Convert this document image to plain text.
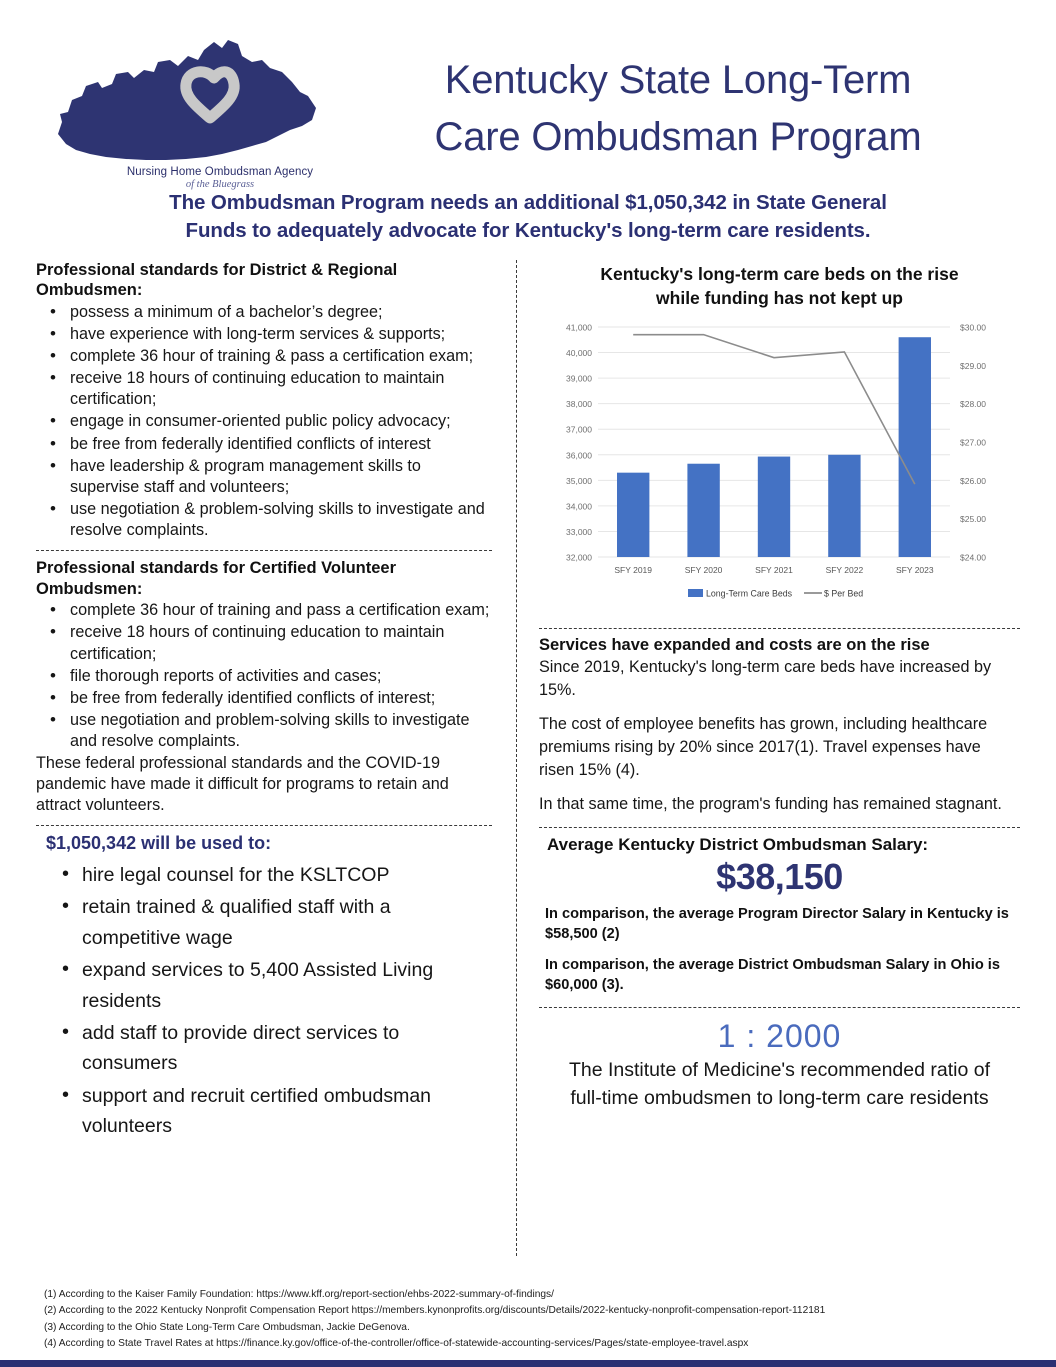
Nursing Home Ombudsman Agency
of the Bluegrass
Kentucky State Long-Term
Care Ombudsman Program
The Ombudsman Program needs an additional $1,050,342 in State General
Funds to adequately advocate for Kentucky's long-term care residents.
Professional standards for District & Regional Ombudsmen:
• possess a minimum of a bachelor’s degree;
• have experience with long-term services & supports;
• complete 36 hour of training & pass a certification exam;
• receive 18 hours of continuing education to maintain certification;
• engage in consumer-oriented public policy advocacy;
• be free from federally identified conflicts of interest
• have leadership & program management skills to supervise staff and volunteers;
• use negotiation & problem-solving skills to investigate and resolve complaints.
Professional standards for Certified Volunteer Ombudsmen:
• complete 36 hour of training and pass a certification exam;
• receive 18 hours of continuing education to maintain certification;
• file thorough reports of activities and cases;
• be free from federally identified conflicts of interest;
• use negotiation and problem-solving skills to investigate and resolve complaints.

These federal professional standards and the COVID-19 pandemic have made it difficult for programs to retain and attract volunteers.

$1,050,342 will be used to:
• hire legal counsel for the KSLTCOP
• retain trained & qualified staff with a competitive wage
• expand services to 5,400 Assisted Living residents
• add staff to provide direct services to consumers
• support and recruit certified ombudsman volunteers
Kentucky's long-term care beds on the rise
while funding has not kept up
32,000
33,000
34,000
35,000
36,000
37,000
38,000
39,000
40,000
41,000
$24.00
$25.00
$26.00
$27.00
$28.00
$29.00
$30.00
SFY 2019	SFY 2020	SFY 2021	SFY 2022	SFY 2023
Long-Term Care Beds	$ Per Bed
Services have expanded and costs are on the rise

Since 2019, Kentucky's long-term care beds have increased by 15%.

The cost of employee benefits has grown, including healthcare premiums rising by 20% since 2017(1). Travel expenses have risen 15% (4).

In that same time, the program's funding has remained stagnant.

Average Kentucky District Ombudsman Salary:
$38,150

In comparison, the average Program Director Salary in Kentucky is $58,500 (2)

In comparison, the average District Ombudsman Salary in Ohio is $60,000 (3).

1 : 2000
The Institute of Medicine's recommended ratio of full-time ombudsmen to long-term care residents
(1) According to the Kaiser Family Foundation: https://www.kff.org/report-section/ehbs-2022-summary-of-findings/
(2) According to the 2022 Kentucky Nonprofit Compensation Report https://members.kynonprofits.org/discounts/Details/2022-kentucky-nonprofit-compensation-report-112181
(3) According to the Ohio State Long-Term Care Ombudsman, Jackie DeGenova.
(4) According to State Travel Rates at https://finance.ky.gov/office-of-the-controller/office-of-statewide-accounting-services/Pages/state-employee-travel.aspx
